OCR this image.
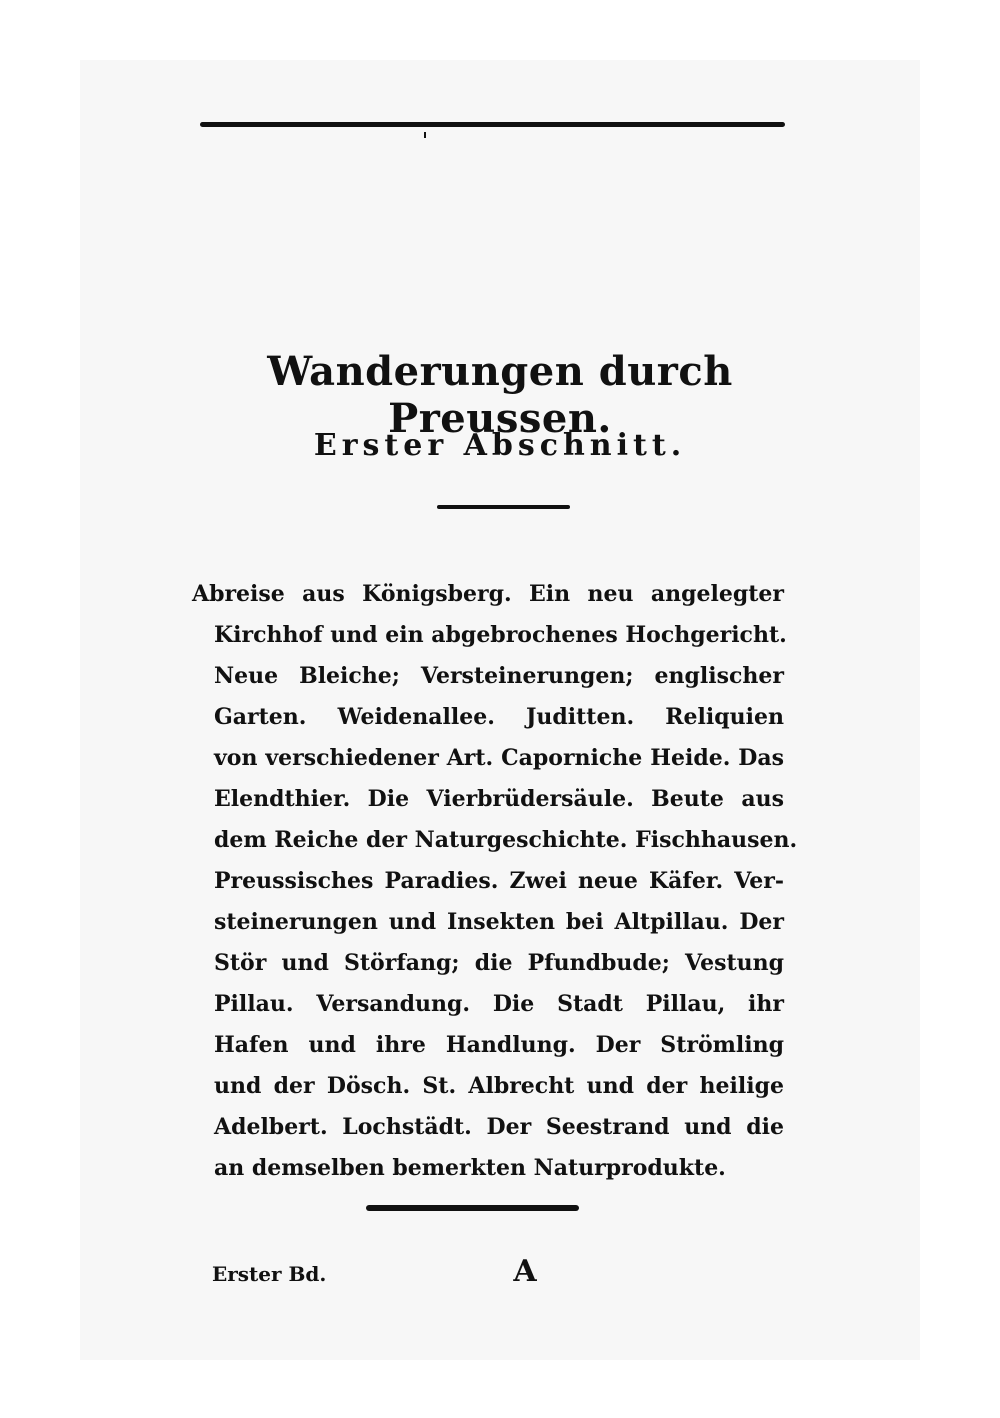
Wanderungen durch Preussen.
Erster Abschnitt.
Abreise aus Königsberg. Ein neu angelegter
Kirchhof und ein abgebrochenes Hochgericht.
Neue Bleiche; Versteinerungen; englischer
Garten. Weidenallee. Juditten. Reliquien
von verschiedener Art. Caporniche Heide. Das
Elendthier. Die Vierbrüdersäule. Beute aus
dem Reiche der Naturgeschichte. Fischhausen.
Preussisches Paradies. Zwei neue Käfer. Ver-
steinerungen und Insekten bei Altpillau. Der
Stör und Störfang; die Pfundbude; Vestung
Pillau. Versandung. Die Stadt Pillau, ihr
Hafen und ihre Handlung. Der Strömling
und der Dösch. St. Albrecht und der heilige
Adelbert. Lochstädt. Der Seestrand und die
an demselben bemerkten Naturprodukte.
Erster Bd.	A
